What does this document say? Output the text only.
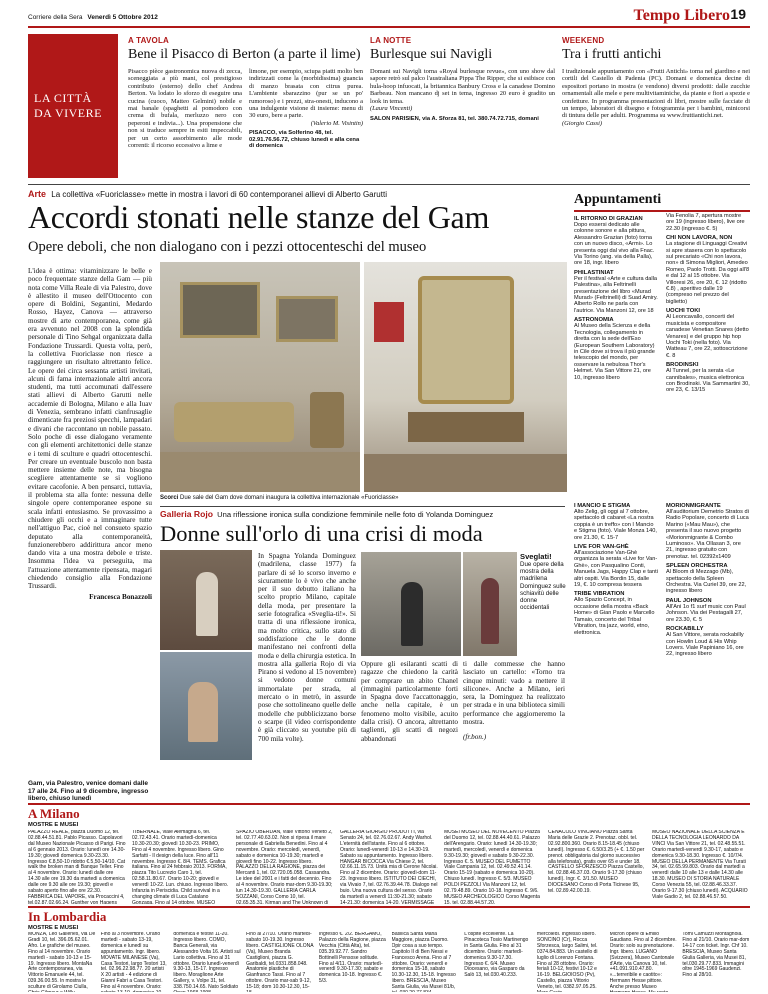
Corriere della Sera Venerdì 5 Ottobre 2012	Tempo Libero 19
LA CITTÀ
DA VIVERE
A TAVOLA
Bene il Pisacco di Berton (a parte il lime)
Pisacco pièce gastronomica nuova di zecca, sceneggiata a più mani, col prestigioso contributo (esterno) dello chef Andrea Berton. Va lodato lo sforzo di eseguire una cucina (cuoco, Matteo Gelmini) nobile e mai banale (spaghetti al pomodoro con crema di bufala, merluzzo nero con peperoni e indivia...). Una propensione che non si traduce sempre in esiti impeccabili, per un certo assorbimento alle mode correnti: il ricorso eccessivo a lime e
limone, per esempio, sciupa piatti molto ben indirizzati come la (morbidissima) guancia di manzo brasata con citrus purea. L'ambiente sbarazzino (pur se un po' rumoroso) e i prezzi, stra-onesti, inducono a una indulgente visione di insieme: menu di 30 euro, bere a parte.
(Valerio M. Visintin)
PISACCO, via Solferino 48, tel. 02.91.76.56.72, chiuso lunedì e alla cena di domenica
LA NOTTE
Burlesque sui Navigli
Domani sui Navigli torna «Royal burlesque revue», con uno show dal sapore retrò sul palco l'australiana Pippa The Ripper, che si esibisce con hula-hoop infuocati, la britannica Banbury Cross e la canadese Domino Barbeau. Non mancano dj set in tema, ingresso 20 euro è gradito un look in tema.
(Laura Vincenti)
SALON PARISIEN, via A. Sforza 81, tel. 380.74.72.715, domani
WEEKEND
Tra i frutti antichi
I tradizionale appuntamento con «Frutti Antichi» torna nel giardino e nei cortili del Castello di Padenia (PC). Domani e domenica decine di espositori portano in mostra (e vendono) diversi prodotti: dalle zucchie ornamentali alle mele e pere multivitaminiche, da piante e fiori a spezie e confetture. In programma presentazioni di libri, mostre sulle facciate di un tempo, laboratori di disegno e fotogrammia per i bambini, minicorsi di tintura delle per adulti. Programma su www.fruttiantichi.net.
(Giorgio Cassi)
Arte La collettiva «Fuoriclasse» mette in mostra i lavori di 60 contemporanei allievi di Alberto Garutti
Accordi stonati nelle stanze del Gam
Opere deboli, che non dialogano con i pezzi ottocenteschi del museo
Appuntamenti
IL RITORNO DI GRAZIAN
Dopo essersi dedicato alle colonne sonore e alla pittura, Alessandro Grazian (foto) torna con un nuovo disco, «Armi». Lo presenta oggi dal vivo alla Fnac. Via Torino (ang. via della Palla), ore 18, ingr. libero
PHILASTINIAT
Per il festival «Arte e cultura dalla Palestina», alla Feltrinelli presentazione del libro «Murad Murad» (Feltrinelli) di Suad Amiry. Alberto Rollo ne parla con l'autrice. Via Manzoni 12, ore 18
ASTRONOMIA
Al Museo della Scienza e della Tecnologia, collegamento in diretta con la sede dell'Eso (European Southern Laboratory) in Cile dove si trova il più grande telescopio del mondo, per osservare la nebulosa Thor's Helmet. Via San Vittore 21, ore 10, ingresso libero
Via Fenolia 7, apertura mostre ore 19 (ingresso libero), live ore 22.30 (ingresso €. 5)
CHI NON LAVORA, NON
La stagione di Linguaggi Creativi si apre stasera con lo spettacolo sul precariato «Chi non lavora, non» di Simona Migliori, Amedeo Romeo, Paolo Trotti. Da oggi all'8 e dal 12 al 15 ottobre. Via Villoresi 26, ore 20, €. 12 (ridotto €.8) , aperitivo dalle 19 (compreso nel prezzo del biglietto)
UOCHI TOKI
Al Leoncavallo, concerti del musicista e compositore canadese Venetian Snares (detto Venares) e del gruppo hip hop Uochi Toki (nella foto). Via Watteau 7, ore 22, sottoscrizione €. 8
BRODINSKI
Al Tunnel, per la serata «Le cannibales», musica elettronica con Brodinski. Via Sammartini 30, ore 23, €. 13/15
I MANCIO E STIGMA
Alto Zelig, gli oggi al 7 ottobre, spettacolo di cabaret «La nostra coppia è un treffo» con I Mancio e Stigma (foto). Viale Monza 140, ore 21.30, €. 15-7
LIVE FOR VAN-GHÈ
All'associazione Van-Ghè organizza la serata «Live for Van-Ghè», con Pasqualino Conti, Manuela Jags, Happy Clap e tanti altri ospiti. Via Bordin 15, dalle 19, €. 10 compresa tessera
TRIBE VIBRATION
Allo Spazio Concept, in occasione della mostra «Back Home» di Gian Paolo e Marcello Tamaio, concerto del Tribal Vibration, tra jazz, world, etno, elettronica.
MORIONMIGRANTE
All'auditorium Demetrio Stratos di Radio Popolare, concerto di Luca Marino («Mau Mau»), che presenta il suo nuovo progetto «Morionmigrante & Combo Luminoso». Via Ollasan 3, ore 21, ingresso gratuito con prenotaz. tel. 02392x1409
SPLEEN ORCHESTRA
Al Bloom di Mezzago (Mb), spettacolo della Spleen Orchestra. Via Curiel 39, ore 22, ingresso libero
PAUL JOHNSON
All'Ani 1o f1 surf music con Paul Johnson. Via dei Pestagalli 27, ore 23.30, €. 5
ROCKABILLY
Al San Vittore, serata rockabilly con Howlin Loud & His Whip Lovers. Viale Papiniano 16, ore 22, ingresso libero
L'idea è ottima: vitaminizzare le belle e poco frequentate stanze della Gam — più nota come Villa Reale di via Palestro, dove è allestito il museo dell'Ottocento con opere di Boldini, Segantini, Medardo Rosso, Hayez, Canova — attraverso mostre di arte contemporanea, come già era avvenuto nel 2008 con la splendida personale di Tino Sehgal organizzata dalla Fondazione Trussardi. Questa volta, però, la collettiva Fuoriclasse non riesce a raggiungere un risultato altrettanto felice. Le opere dei circa sessanta artisti invitati, alcuni di fama internazionale altri ancora studenti, ma tutti accomunati dall'essere stati allievi di Alberto Garutti nelle accademie di Bologna, Milano e alla Iuav di Venezia, sembrano infatti cianfrusaglie dimenticate fra preziosi specchi, lampadari e divani che raccontano un nobile passato. Solo poche di esse dialogano veramente con gli elementi architettonici delle stanze e i temi di sculture e quadri ottocenteschi. Per creare un eventuale buscolo non basta mettere insieme delle note, ma bisogna scegliere attentamente se si vogliono evitare cacofonie. A ben pensarci, tuttavia, il problema sta alla fonte: nessuna delle singole opere contemporanee espone su scala infatti entusiasmo. Se provassimo a chiudere gli occhi e a immaginare tutte nell'attiguo Pac, cioè nel consueto spazio deputato alla contemporaneità, funzionerebbero addirittura ancor meno dando vita a una mostra debole e triste. Insomma l'idea va perseguita, ma l'attuazione attentamente ripensata, magari chiedendo consiglio alla Fondazione Trussardi.
Francesca Bonazzoli
Gam, via Palestro, venice domani dalle 17 alle 24. Fino al 9 dicembre, ingresso libero, chiuso lunedì
Scorci Due sale del Gam dove domani inaugura la collettiva internazionale «Fuoriclasse»
Galleria Rojo Una riflessione ironica sulla condizione femminile nelle foto di Yolanda Dominguez
Donne sull'orlo di una crisi di moda
In Spagna Yolanda Dominguez (madrilena, classe 1977) fa parlare di sé lo scorso inverno e sicuramente lo è vivo che anche per il suo debutto italiano ha scelto proprio Milano, capitale della moda, per presentare la serie fotografica «Sveglia-ti!». Si tratta di una riflessione ironica, ma molto critica, sullo stato di soddisfazione che le donne manifestano nei confronti della moda e della chirurgia estetica. In mostra alla galleria Rojo di via Pirano si vedono al 15 novembre) si vedono donne comuni immortalate per strada, al mercato o in metrò, in assurde pose che sottolineano quelle delle modelle che pubblicizzano borse o scarpe (il video corrispondente è già cliccato su youtube più di 700 mila volte).
Oppure gli esilaranti scatti di ragazze che chiedono la carità per comprare un abito Chanel (immagini particolarmente forti in Spagna dove l'accattonaggio, anche nella capitale, è un fenomeno molto visibile, acuito dalla crisi). O ancora, altrettanto taglienti, gli scatti di negozi abbandonati
ti dalle commesse che hanno lasciato un cartello: «Torno tra cinque minuti: vado a mettere il silicone». Anche a Milano, ieri sera, la Dominguez ha realizzato per strada e in una biblioteca simili performance che aggiorneremo la mostra.
(fr.bon.)
Sveglati!
Due opere della mostra della madrilena Dominguez sulle schiavitù delle donne occidentali
A Milano
MOSTRE E MUSEI
PALAZZO REALE, piazza Duomo 12, tel. 02.88.44.51.81. Pablo Picasso. Capolavori dal Museo Nazionale Picasso di Parigi. Fino al 6 gennaio 2013. Orario: lunedì ore 14.30-19.30; giovedì domenica 9.30-23.30. Ingresso €.8,50-10 ridotto €.5,50-14/10. Cat walk the broken man di Banque Teller. Fino al 4 novembre. Orario: lunedì dalle ore 14.30 alle ore 19.30 da martedì a domenica dalle ore 9.30 alle ore 19.30; giovedì e sabato aperto fino alle ore 22.30. FABBRICA DEL VAPORE, via Procaccini 4, tel.02.87.02.66.24. Gunther von Hagens
TIBERNALE, viale Alemagna 6, tel. 02.72.43.41. Orario martedì-domenica 10.30-20.30; giovedì 10.30-23. PRIMO, Fino al 4 novembre. Ingresso libero. Gino Sarfatti - Il design della luce. Fino all'11 novembre. Ingresso €. 8/4. TEMS. Grafica italiana. Fino al 24 febbraio 2013. FORMA, piazza Tito Lucrezio Caro 1, tel. 02.58.11.80.67. Orario 10-20; giovedì e venerdì 10-22. Lun. chiuso. Ingresso libero. Infanzia in Periscidia. Child survival in a changing climate di Luca Catalano Gonzaga. Fino al 14 ottobre. MUSEO
SPAZIO OBERDAN, viale Vittorio Veneto 2, tel. 02.77.40.63.02. Non si ripesa il mare personale di Gabriella Benedini. Fino al 4 novembre. Orario: mercoledì, venerdì, sabato e domenica 10-19.30; martedì e giovedì fino 10-22. Ingresso libero. PALAZZO DELLA RAGIONE, piazza dei Mercanti 1, tel. 02.720.05.058. Cassandra. Le idee del 2001 e i fatti del decennio. Fino al 4 novembre. Orario mar-dom 9.30-19.30; lun 14.30-19.30. GALLERIA CARLA SOZZANI, Corso Como 10, tel. 02.65.35.31. Kirman and The Unknown di
GALLERIA GIORGIO PRODOTTI, via Senato 24, tel. 02.76.02.67. Andy Warhol. L'eternità dell'istante. Fino al 6 ottobre. Orario: lunedì-venerdì 10-13 e 14.30-19. Sabato su appuntamento. Ingresso libero. HANGAR BICOCCA Via Chiese 2, tel. 02.66.11.15.73. Unità mia di Cerone Nicolai. Fino al 2 dicembre. Orario: giovedì-dom 11-23. Ingresso libero. ISTITUTO DEI CIECHI, via Vivaio 7, tel. 02.76.39.44.78. Dialogo nel buio. Una nuova cultura del senso. Orario da martedì a venerdì 11:30-21.30; sabato 14-21.30; domenica 14-20. VERMISSAGE
MUSEI MUSEO DEL NOVECENTO Piazza del Duomo 12, tel. 02.88.44.40.61. Palazzo dell'Arengario. Orario: lunedì 14.30-19.30; martedì, mercoledì, venerdì e domenica 9.30-19.30; giovedì e sabato 9.30-22.30. Ingresso €. 5. MUSEO DEL FUMETTO Viale Campania 12, tel. 02.49.52.41.14. Orario 15-19 (sabato e domenica 10-20). Chiuso lunedì. Ingresso €. 5/3. MUSEO POLDI PEZZOLI Via Manzoni 12, tel. 02.79.48.89. Orario 10-18. Ingresso €. 9/6. MUSEO ARCHEOLOGICO Corso Magenta 15, tel. 02.88.44.57.20.
CENACOLO VINCIANO Piazza Santa Maria delle Grazie 2. Prenotaz. obbl. tel. 02.92.800.360. Orario 8.15-18.45 (chiuso lunedì). Ingresso €. 6.50/3.25 (+ €. 1.50 per prenot. obbligatoria dal giorno successivo alla telefonata), gratis over 65 e under 18. CASTELLO SFORZESCO Piazza Castello, tel. 02.88.46.37.03. Orario 9-17.30 (chiuso lunedì). Ingr. €. 3/1.50. MUSEO DIOCESANO Corso di Porta Ticinese 95, tel. 02.89.42.00.19.
MUSEO NAZIONALE DELLA SCIENZA E DELLA TECNOLOGIA LEONARDO DA VINCI Via San Vittore 21, tel. 02.48.55.51. Orario martedì-venerdì 9.30-17, sabato e domenica 9.30-18.30. Ingresso €. 10/7/4. MUSEO DELLA PERMANENTE Via Turati 34, tel. 02.65.99.803. Orario dal martedì a venerdì dalle 10 alle 13 e dalle 14.30 alle 18.30. MUSEO DI STORIA NATURALE Corso Venezia 55, tel. 02.88.46.33.37. Orario 9-17.30 (chiuso lunedì). ACQUARIO Viale Gadio 2, tel. 02.88.46.57.50.
In Lombardia
MOSTRE E MUSEI
MONZA, Leo Galleries, via De Gradi 10, tel. 396.05.62.01. Afro. Le grafiche del museo. Fino al 14 novembre. Orario martedì - sabato 10-13 e 15-19. Ingresso libero. MontaNa Arte contemporanea, via Vittorio Emanuele 44, tel. 039.36.00.55. In mostra le sculture di Girolamo Ciulla,
Fino al 3 novembre. Orario martedì - sabato 13-19, domenica e lunedì su appuntamento. Ingr. libero. MOVATE MILANESE (Va), Casa Testori, largo Testori 13, tel. 02.96.22.98.77. 20 artisti X 20 artisti - 4 edizione di Gianni Fabri a Casa Testori. Fino al 4 novembre. Orario:
domenica e festivi 11-20. Ingresso libero. COMO, Banca Generali, via Alessandro Volta 16. Artisti sul Lario collettiva. Fino al 31 ottobre. Orario lunedì-venerdì 9.30-13, 15-17. Ingresso libero. Moraglione Arte Gallery, v. Volpe 31, tel. 338.750.14.65. Nato Soldiato
Fino al 27/10. Orario martedì-sabato 10-19.30. Ingresso libero. CASTIGLIONE OLONA (Va), Museo Branda Castiglioni, piazza G. Garibaldi, tel.0331.858.048. Anatomie plastiche di Gianfranco Tassi. Fino al 7 ottobre. Orario mar-sab 9-12, 15-18; dom 10.30-12.30, 15-
Ingresso €. 2/2. BERGAMO, Palazzo della Ragione, piazza Vecchia (Città Alta), tel. 035.39.92.77. Sandro Bottinelli Pensose solitude. Fino al 4/11. Orario: martedì-venerdì 9.30-17.30; sabato e domenica 10-18. Ingresso €. 5/3.
Basilica Santa Maria Maggiore, piazza Duomo. Opir cosa a suo tempo. Capitolo II di Ben Nessi e Francesco Arena. Fino al 7 ottobre. Orario: venerdì e domenica 15-18, sabato 10.30-12.30, 15-18. Ingresso libero. BRESCIA, Museo Santa Giulia, via Musei 81/b,
L'ospite eccellente. La Pinacoteca Tosio Martinengo in Santa Giulia. Fino al 31 dicembre. Orario: martedì-domenica 9.30-17.30. Ingresso €. 6/4. Museo Diocesano, via Gasparo da Salò 13, tel.030.40.233.
mercoledì. Ingresso libero. SONCINO (Cr), Rocca Sforzesca, largo Salimi, tel. 0374.84.883. Un castello di luglio di Lorenzo Fontana. Fino al 28 ottobre. Orario: feriali 10-12, festivi 10-12 e 16-19. BELGIOIOSO (Pv), Castello, piazza Vittorio Veneto, tel. 0382.97.05.25.
Micron opere di Emilio Gaudiano. Fino al 2 dicembre. Orario: solo su prenotazione. Ingr. libero. LUGANO (Svizzera), Museo Cantonale d'Arte, via Canova 10, tel. +41.091.910.47.80. «...terreribile e caotito»: Hermann Hesse pittore. Anche presso Museo
Tomi Camuzzi Montagnola. Fino al 21/10. Orario mar-dom 14-17 con ticket. Ingr. Chf 10. BRESCIA, Museo Santa Giulia Galleria, via Musei 81, tel.030.29.77.833. Immagini oltre 1945-1969 Gaudenzi. Fino al 28/10.
